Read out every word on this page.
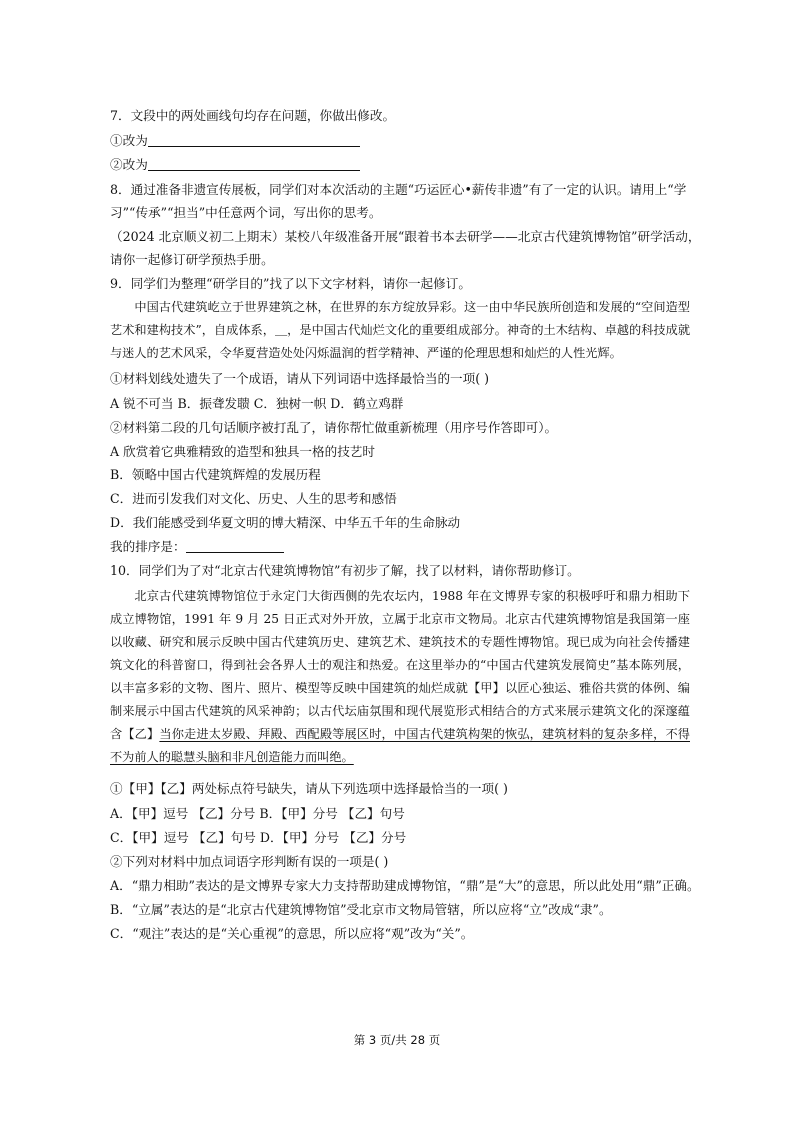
7．文段中的两处画线句均存在问题，你做出修改。
①改为
②改为
8．通过准备非遗宣传展板，同学们对本次活动的主题“巧运匠心•薪传非遗”有了一定的认识。请用上“学
习”“传承”“担当”中任意两个词，写出你的思考。
（2024 北京顺义初二上期末）某校八年级准备开展“跟着书本去研学——北京古代建筑博物馆”研学活动，
请你一起修订研学预热手册。
9．同学们为整理“研学目的”找了以下文字材料，请你一起修订。

中国古代建筑屹立于世界建筑之林，在世界的东方绽放异彩。这一由中华民族所创造和发展的“空间造型艺术和建构技术”，自成体系，＿，是中国古代灿烂文化的重要组成部分。神奇的土木结构、卓越的科技成就与迷人的艺术风采，令华夏营造处处闪烁温润的哲学精神、严谨的伦理思想和灿烂的人性光辉。

①材料划线处遗失了一个成语，请从下列词语中选择最恰当的一项( )
A 锐不可当 B．振聋发聩 C．独树一帜 D．鹤立鸡群
②材料第二段的几句话顺序被打乱了，请你帮忙做重新梳理（用序号作答即可）。
A 欣赏着它典雅精致的造型和独具一格的技艺时
B．领略中国古代建筑辉煌的发展历程
C．进而引发我们对文化、历史、人生的思考和感悟
D．我们能感受到华夏文明的博大精深、中华五千年的生命脉动
我的排序是：
10．同学们为了对“北京古代建筑博物馆”有初步了解，找了以材料，请你帮助修订。

北京古代建筑博物馆位于永定门大街西侧的先农坛内，1988 年在文博界专家的积极呼吁和鼎力相助下成立博物馆，1991 年 9 月 25 日正式对外开放，立属于北京市文物局。北京古代建筑博物馆是我国第一座以收藏、研究和展示反映中国古代建筑历史、建筑艺术、建筑技术的专题性博物馆。现已成为向社会传播建筑文化的科普窗口，得到社会各界人士的观注和热爱。在这里举办的“中国古代建筑发展简史”基本陈列展，以丰富多彩的文物、图片、照片、模型等反映中国建筑的灿烂成就【甲】以匠心独运、雅俗共赏的体例、编制来展示中国古代建筑的风采神韵；以古代坛庙氛围和现代展览形式相结合的方式来展示建筑文化的深邃蕴含【乙】当你走进太岁殿、拜殿、西配殿等展区时，中国古代建筑构架的恢弘，建筑材料的复杂多样，不得不为前人的聪慧头脑和非凡创造能力而叫绝。

①【甲】【乙】两处标点符号缺失，请从下列选项中选择最恰当的一项( )
A．【甲】逗号 【乙】分号 B．【甲】分号 【乙】句号
C．【甲】逗号 【乙】句号 D．【甲】分号 【乙】分号
②下列对材料中加点词语字形判断有误的一项是( )
A．“鼎力相助”表达的是文博界专家大力支持帮助建成博物馆，“鼎”是“大”的意思，所以此处用“鼎”正确。
B．“立属”表达的是“北京古代建筑博物馆”受北京市文物局管辖，所以应将“立”改成“隶”。
C．“观注”表达的是“关心重视”的意思，所以应将“观”改为“关”。
第 3 页/共 28 页
